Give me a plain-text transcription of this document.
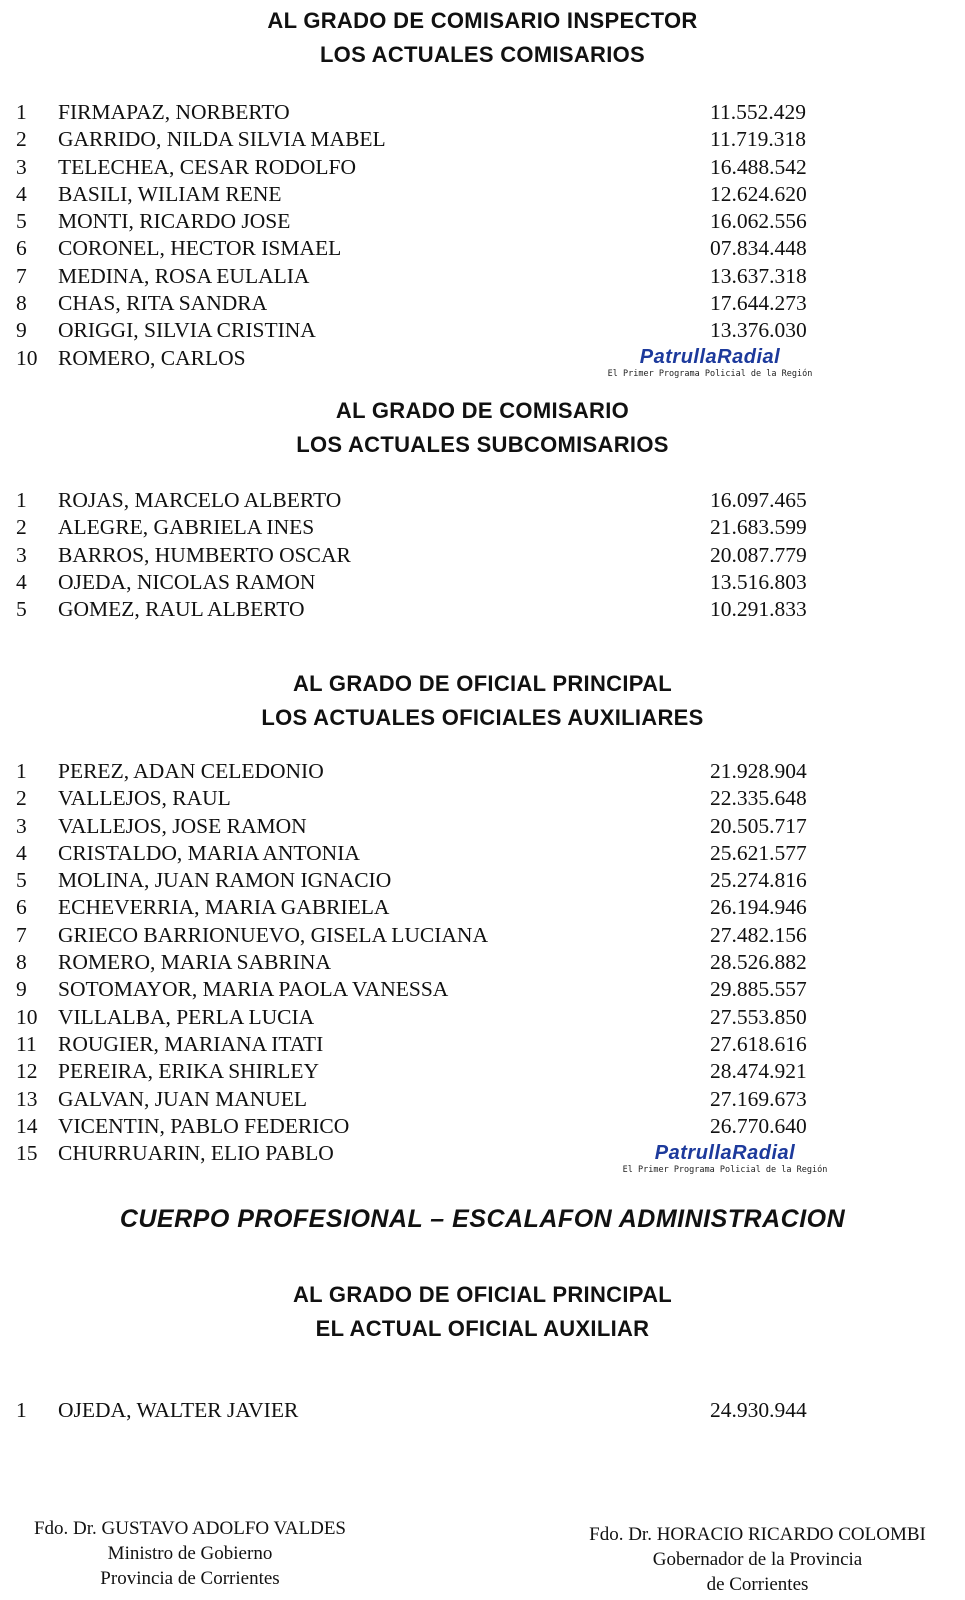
AL GRADO DE COMISARIO INSPECTOR
LOS ACTUALES COMISARIOS
1 FIRMAPAZ, NORBERTO	11.552.429
2 GARRIDO, NILDA SILVIA MABEL	11.719.318
3 TELECHEA, CESAR RODOLFO	16.488.542
4 BASILI, WILIAM RENE	12.624.620
5 MONTI, RICARDO JOSE	16.062.556
6 CORONEL, HECTOR ISMAEL	07.834.448
7 MEDINA, ROSA EULALIA	13.637.318
8 CHAS, RITA SANDRA	17.644.273
9 ORIGGI, SILVIA CRISTINA	13.376.030
10 ROMERO, CARLOS	PatrullaRadial
El Primer Programa Policial de la Región
AL GRADO DE COMISARIO
LOS ACTUALES SUBCOMISARIOS
1 ROJAS, MARCELO ALBERTO	16.097.465
2 ALEGRE, GABRIELA INES	21.683.599
3 BARROS, HUMBERTO OSCAR	20.087.779
4 OJEDA, NICOLAS RAMON	13.516.803
5 GOMEZ, RAUL ALBERTO	10.291.833
AL GRADO DE OFICIAL PRINCIPAL
LOS ACTUALES OFICIALES AUXILIARES
1 PEREZ, ADAN CELEDONIO	21.928.904
2 VALLEJOS, RAUL	22.335.648
3 VALLEJOS, JOSE RAMON	20.505.717
4 CRISTALDO, MARIA ANTONIA	25.621.577
5 MOLINA, JUAN RAMON IGNACIO	25.274.816
6 ECHEVERRIA, MARIA GABRIELA	26.194.946
7 GRIECO BARRIONUEVO, GISELA LUCIANA	27.482.156
8 ROMERO, MARIA SABRINA	28.526.882
9 SOTOMAYOR, MARIA PAOLA VANESSA	29.885.557
10 VILLALBA, PERLA LUCIA	27.553.850
11 ROUGIER, MARIANA ITATI	27.618.616
12 PEREIRA, ERIKA SHIRLEY	28.474.921
13 GALVAN, JUAN MANUEL	27.169.673
14 VICENTIN, PABLO FEDERICO	26.770.640
15 CHURRUARIN, ELIO PABLO	PatrullaRadial
El Primer Programa Policial de la Región
CUERPO PROFESIONAL – ESCALAFON ADMINISTRACION
AL GRADO DE OFICIAL PRINCIPAL
EL ACTUAL OFICIAL AUXILIAR
1 OJEDA, WALTER JAVIER	24.930.944
Fdo. Dr. GUSTAVO ADOLFO VALDES
Ministro de Gobierno
Provincia de Corrientes
Fdo. Dr. HORACIO RICARDO COLOMBI
Gobernador de la Provincia
de Corrientes
